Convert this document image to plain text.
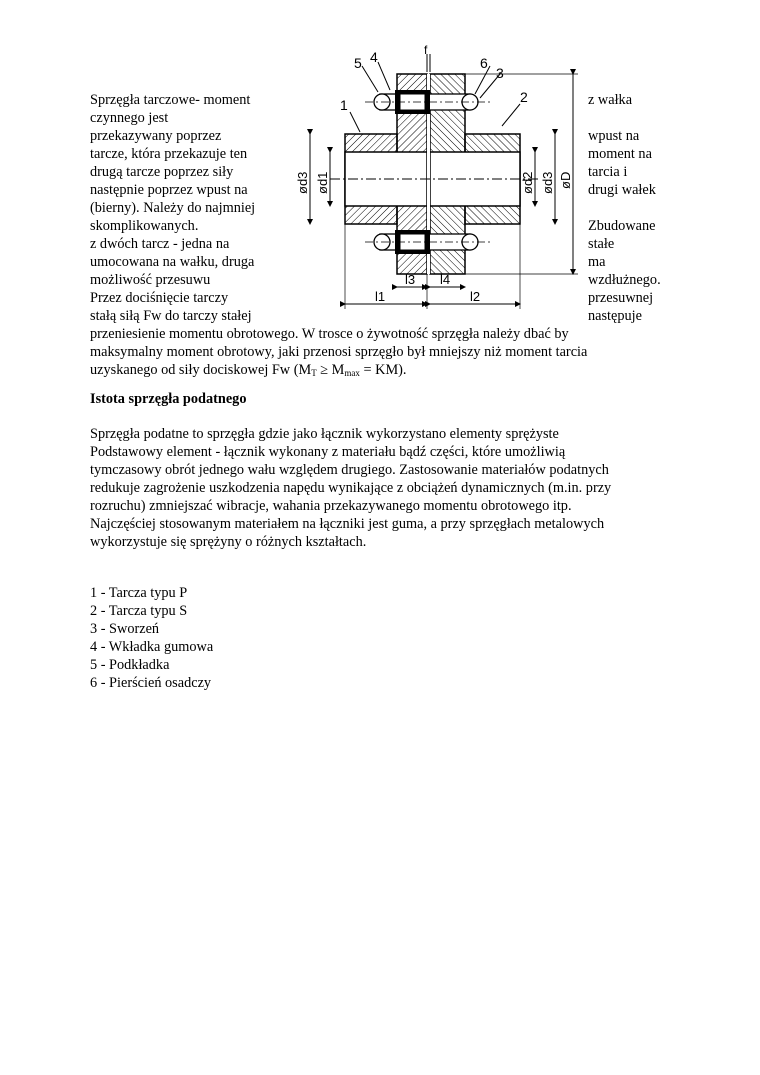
Sprzęgła tarczowe- moment
czynnego jest
przekazywany poprzez
tarcze, która przekazuje ten
drugą tarcze poprzez siły
następnie poprzez wpust na
(bierny). Należy do najmniej
skomplikowanych.
z dwóch tarcz - jedna na
umocowana na wałku, druga
możliwość przesuwu
Przez dociśnięcie tarczy
stałą siłą Fw do tarczy stałej
z wałka
wpust na
moment na
tarcia i
drugi wałek
Zbudowane
stałe
ma
wzdłużnego.
przesuwnej
następuje
przeniesienie momentu obrotowego. W trosce o żywotność sprzęgła należy dbać by
maksymalny moment obrotowy, jaki przenosi sprzęgło był mniejszy niż moment tarcia
uzyskanego od siły dociskowej Fw $(M_T \ge M_{max} = KM)$.
Istota sprzęgła podatnego
Sprzęgła podatne to sprzęgła gdzie jako łącznik wykorzystano elementy sprężyste
Podstawowy element - łącznik wykonany z materiału bądź części, które umożliwią
tymczasowy obrót jednego wału względem drugiego. Zastosowanie materiałów podatnych
redukuje zagrożenie uszkodzenia napędu wynikające z obciążeń dynamicznych (m.in. przy
rozruchu) zmniejszać wibracje, wahania przekazywanego momentu obrotowego itp.
Najczęściej stosowanym materiałem na łączniki jest guma, a przy sprzęgłach metalowych
wykorzystuje się sprężyny o różnych kształtach.
1 - Tarcza typu P
2 - Tarcza typu S
3 - Sworzeń
4 - Wkładka gumowa
5 - Podkładka
6 - Pierścień osadczy
1	2
3
4
5	6
f
ød3 ød1	ød2 ød3 øD
l1	l2
l3 l4
